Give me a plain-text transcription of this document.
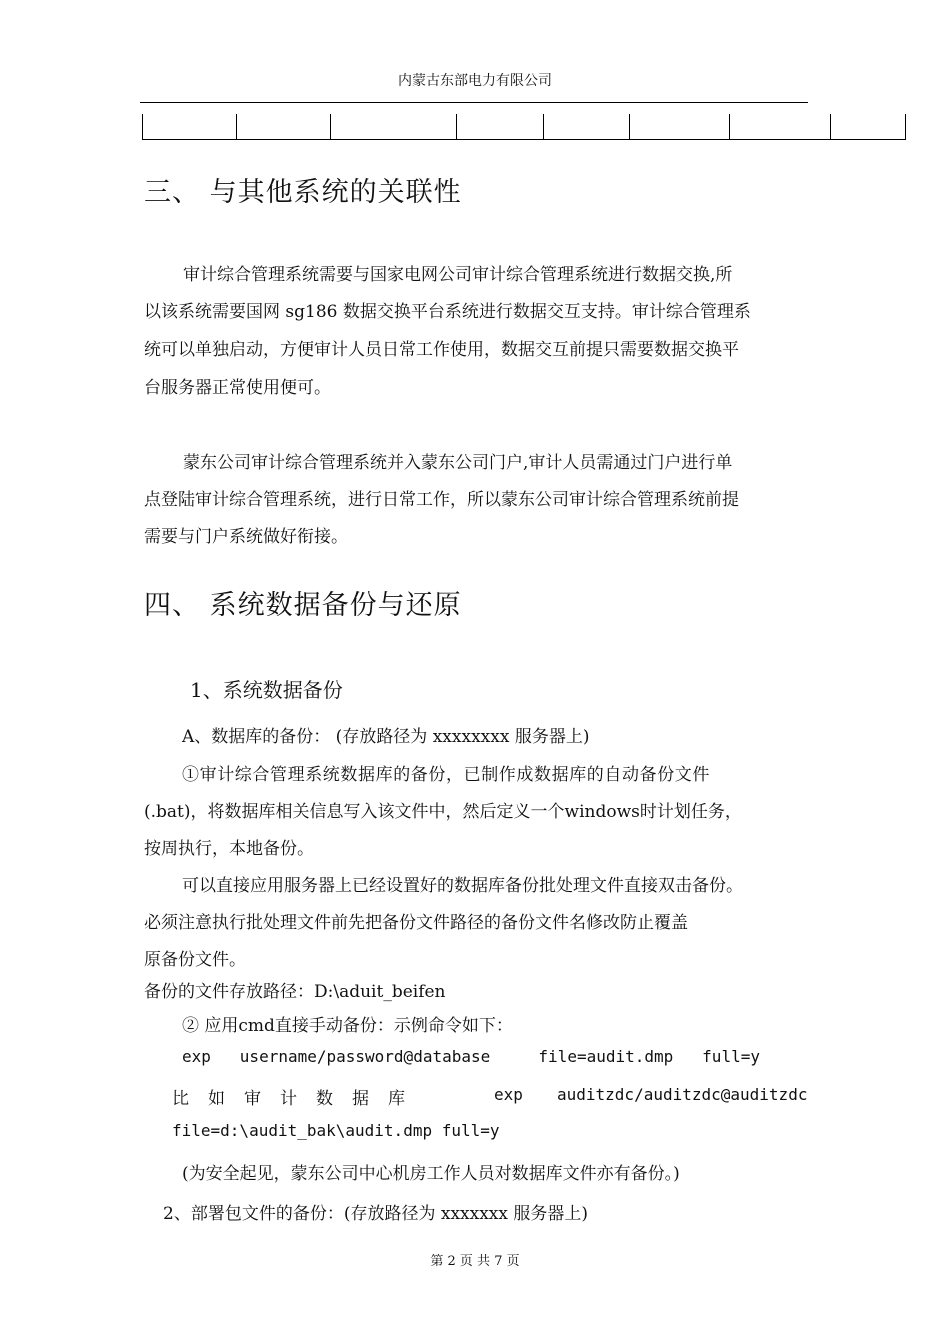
内蒙古东部电力有限公司
三、 与其他系统的关联性
审计综合管理系统需要与国家电网公司审计综合管理系统进行数据交换,所
以该系统需要国网 sg186 数据交换平台系统进行数据交互支持。审计综合管理系
统可以单独启动，方便审计人员日常工作使用，数据交互前提只需要数据交换平
台服务器正常使用便可。
蒙东公司审计综合管理系统并入蒙东公司门户,审计人员需通过门户进行单
点登陆审计综合管理系统，进行日常工作，所以蒙东公司审计综合管理系统前提
需要与门户系统做好衔接。
四、 系统数据备份与还原
1、系统数据备份
A、数据库的备份： (存放路径为 xxxxxxxx 服务器上)
①审计综合管理系统数据库的备份，已制作成数据库的自动备份文件
(.bat)，将数据库相关信息写入该文件中，然后定义一个windows时计划任务，
按周执行，本地备份。
可以直接应用服务器上已经设置好的数据库备份批处理文件直接双击备份。
必须注意执行批处理文件前先把备份文件路径的备份文件名修改防止覆盖
原备份文件。
备份的文件存放路径：D:\aduit_beifen
② 应用cmd直接手动备份：示例命令如下：
exp   username/password@database     file=audit.dmp   full=y
比如审计数据库	exp auditzdc/auditzdc@auditzdc
file=d:\audit_bak\audit.dmp full=y
(为安全起见，蒙东公司中心机房工作人员对数据库文件亦有备份。)
2、部署包文件的备份：(存放路径为 xxxxxxx 服务器上)
第 2 页 共 7 页
